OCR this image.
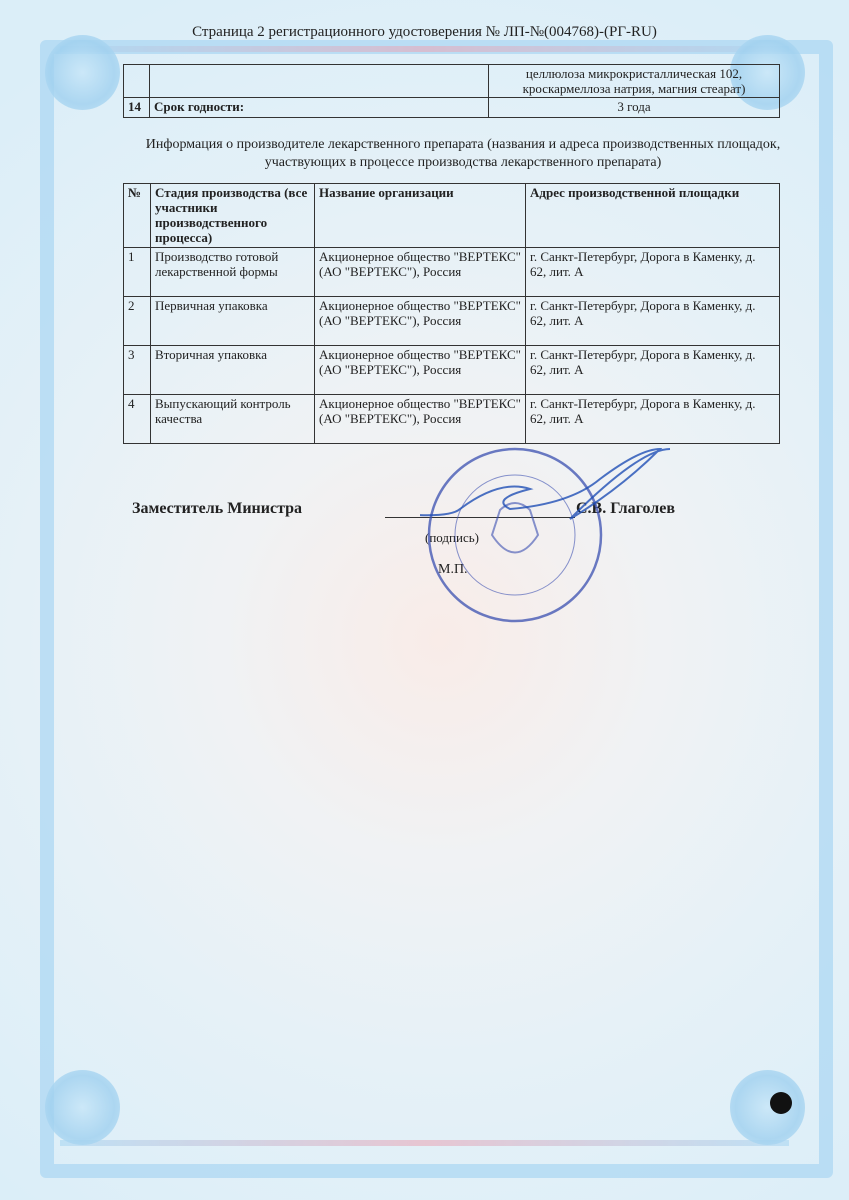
Страница 2 регистрационного удостоверения № ЛП-№(004768)-(РГ-RU)
		целлюлоза микрокристаллическая 102, кроскармеллоза натрия, магния стеарат)
14	Срок годности:	3 года
Информация о производителе лекарственного препарата (названия и адреса производственных площадок, участвующих в процессе производства лекарственного препарата)
№	Стадия производства (все участники производственного процесса)	Название организации	Адрес производственной площадки
1	Производство готовой лекарственной формы	Акционерное общество "ВЕРТЕКС" (АО "ВЕРТЕКС"), Россия	г. Санкт-Петербург, Дорога в Каменку, д. 62, лит. А
2	Первичная упаковка	Акционерное общество "ВЕРТЕКС" (АО "ВЕРТЕКС"), Россия	г. Санкт-Петербург, Дорога в Каменку, д. 62, лит. А
3	Вторичная упаковка	Акционерное общество "ВЕРТЕКС" (АО "ВЕРТЕКС"), Россия	г. Санкт-Петербург, Дорога в Каменку, д. 62, лит. А
4	Выпускающий контроль качества	Акционерное общество "ВЕРТЕКС" (АО "ВЕРТЕКС"), Россия	г. Санкт-Петербург, Дорога в Каменку, д. 62, лит. А
Заместитель Министра	С.В. Глаголев
(подпись)
М.П.
